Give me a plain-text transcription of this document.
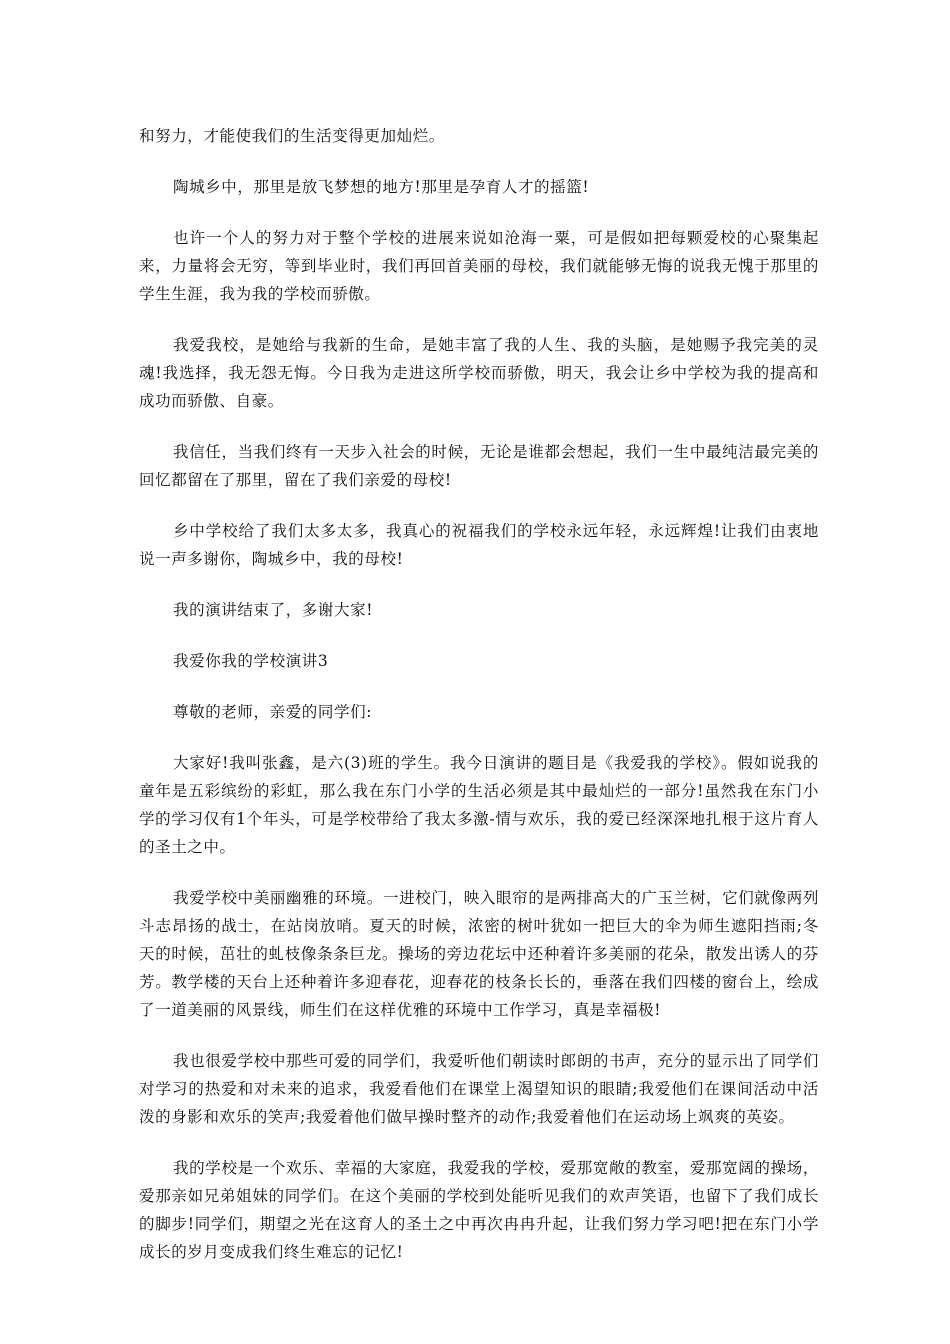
和努力，才能使我们的生活变得更加灿烂。

陶城乡中，那里是放飞梦想的地方!那里是孕育人才的摇篮!

也许一个人的努力对于整个学校的进展来说如沧海一粟，可是假如把每颗爱校的心聚集起来，力量将会无穷，等到毕业时，我们再回首美丽的母校，我们就能够无悔的说我无愧于那里的学生生涯，我为我的学校而骄傲。

我爱我校，是她给与我新的生命，是她丰富了我的人生、我的头脑，是她赐予我完美的灵魂!我选择，我无怨无悔。今日我为走进这所学校而骄傲，明天，我会让乡中学校为我的提高和成功而骄傲、自豪。

我信任，当我们终有一天步入社会的时候，无论是谁都会想起，我们一生中最纯洁最完美的回忆都留在了那里，留在了我们亲爱的母校!

乡中学校给了我们太多太多，我真心的祝福我们的学校永远年轻，永远辉煌!让我们由衷地说一声多谢你，陶城乡中，我的母校!

我的演讲结束了，多谢大家!

我爱你我的学校演讲3

尊敬的老师，亲爱的同学们:

大家好!我叫张鑫，是六(3)班的学生。我今日演讲的题目是《我爱我的学校》。假如说我的童年是五彩缤纷的彩虹，那么我在东门小学的生活必须是其中最灿烂的一部分!虽然我在东门小学的学习仅有1个年头，可是学校带给了我太多激-情与欢乐，我的爱已经深深地扎根于这片育人的圣土之中。

我爱学校中美丽幽雅的环境。一进校门，映入眼帘的是两排高大的广玉兰树，它们就像两列斗志昂扬的战士，在站岗放哨。夏天的时候，浓密的树叶犹如一把巨大的伞为师生遮阳挡雨;冬天的时候，茁壮的虬枝像条条巨龙。操场的旁边花坛中还种着许多美丽的花朵，散发出诱人的芬芳。教学楼的天台上还种着许多迎春花，迎春花的枝条长长的，垂落在我们四楼的窗台上，绘成了一道美丽的风景线，师生们在这样优雅的环境中工作学习，真是幸福极!

我也很爱学校中那些可爱的同学们，我爱听他们朝读时郎朗的书声，充分的显示出了同学们对学习的热爱和对未来的追求，我爱看他们在课堂上渴望知识的眼睛;我爱他们在课间活动中活泼的身影和欢乐的笑声;我爱着他们做早操时整齐的动作;我爱着他们在运动场上飒爽的英姿。

我的学校是一个欢乐、幸福的大家庭，我爱我的学校，爱那宽敞的教室，爱那宽阔的操场，爱那亲如兄弟姐妹的同学们。在这个美丽的学校到处能听见我们的欢声笑语，也留下了我们成长的脚步!同学们，期望之光在这育人的圣土之中再次冉冉升起，让我们努力学习吧!把在东门小学成长的岁月变成我们终生难忘的记忆!
